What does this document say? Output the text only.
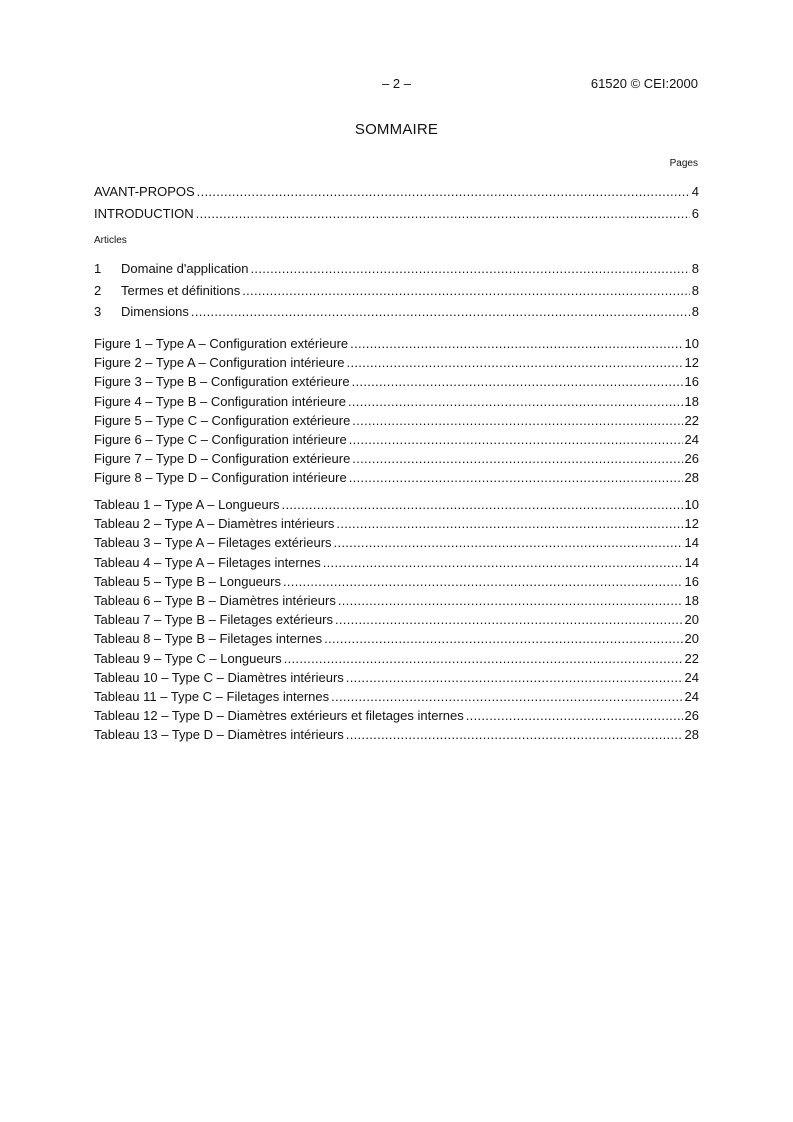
– 2 –	61520 © CEI:2000
SOMMAIRE
Pages
AVANT-PROPOS .....	4
INTRODUCTION .....	6
Articles
1	Domaine d'application .....	8
2	Termes et définitions .....	8
3	Dimensions .....	8
Figure 1 – Type A – Configuration extérieure .....	10
Figure 2 – Type A – Configuration intérieure .....	12
Figure 3 – Type B – Configuration extérieure .....	16
Figure 4 – Type B – Configuration intérieure .....	18
Figure 5 – Type C – Configuration extérieure .....	22
Figure 6 – Type C – Configuration intérieure .....	24
Figure 7 – Type D – Configuration extérieure .....	26
Figure 8 – Type D – Configuration intérieure .....	28
Tableau 1 – Type A – Longueurs .....	10
Tableau 2 – Type A – Diamètres intérieurs .....	12
Tableau 3 – Type A – Filetages extérieurs .....	14
Tableau 4 – Type A – Filetages internes .....	14
Tableau 5 – Type B – Longueurs .....	16
Tableau 6 – Type B – Diamètres intérieurs .....	18
Tableau 7 – Type B – Filetages extérieurs .....	20
Tableau 8 – Type B – Filetages internes .....	20
Tableau 9 – Type C – Longueurs .....	22
Tableau 10 – Type C – Diamètres intérieurs .....	24
Tableau 11 – Type C – Filetages internes .....	24
Tableau 12 – Type D – Diamètres extérieurs et filetages internes .....	26
Tableau 13 – Type D – Diamètres intérieurs .....	28
